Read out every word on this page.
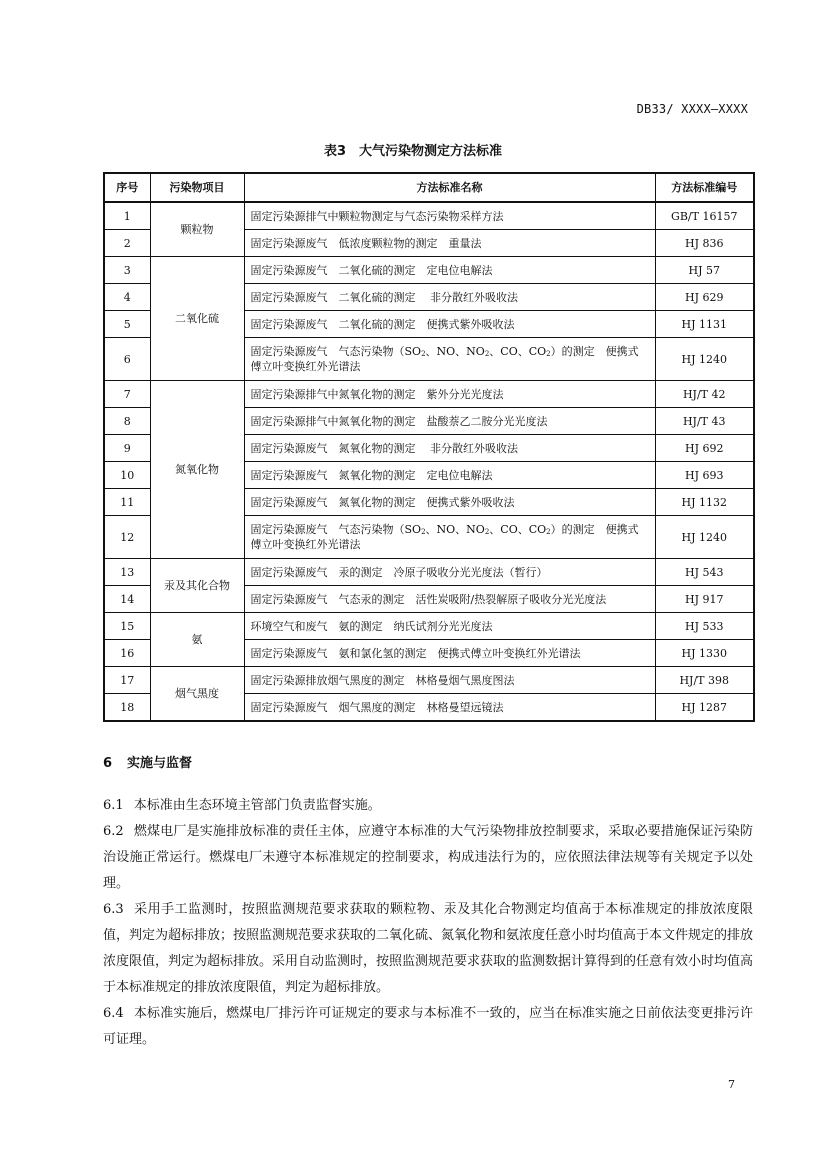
DB33/ XXXX—XXXX
表3　大气污染物测定方法标准
序号	污染物项目	方法标准名称	方法标准编号
1	颗粒物	固定污染源排气中颗粒物测定与气态污染物采样方法	GB/T 16157
2		固定污染源废气　低浓度颗粒物的测定　重量法	HJ 836
3	二氧化硫	固定污染源废气　二氧化硫的测定　定电位电解法	HJ 57
4		固定污染源废气　二氧化硫的测定　 非分散红外吸收法	HJ 629
5		固定污染源废气　二氧化硫的测定　便携式紫外吸收法	HJ 1131
6		固定污染源废气　气态污染物（$SO_2$、NO、$NO_2$、CO、$CO_2$）的测定　便携式傅立叶变换红外光谱法	HJ 1240
7	氮氧化物	固定污染源排气中氮氧化物的测定　紫外分光光度法	HJ/T 42
8		固定污染源排气中氮氧化物的测定　盐酸萘乙二胺分光光度法	HJ/T 43
9		固定污染源废气　氮氧化物的测定　 非分散红外吸收法	HJ 692
10		固定污染源废气　氮氧化物的测定　定电位电解法	HJ 693
11		固定污染源废气　氮氧化物的测定　便携式紫外吸收法	HJ 1132
12		固定污染源废气　气态污染物（$SO_2$、NO、$NO_2$、CO、$CO_2$）的测定　便携式傅立叶变换红外光谱法	HJ 1240
13	汞及其化合物	固定污染源废气　汞的测定　冷原子吸收分光光度法（暂行）	HJ 543
14		固定污染源废气　气态汞的测定　活性炭吸附/热裂解原子吸收分光光度法	HJ 917
15	氨	环境空气和废气　氨的测定　纳氏试剂分光光度法	HJ 533
16		固定污染源废气　氨和氯化氢的测定　便携式傅立叶变换红外光谱法	HJ 1330
17	烟气黑度	固定污染源排放烟气黑度的测定　林格曼烟气黑度图法	HJ/T 398
18		固定污染源废气　烟气黑度的测定　林格曼望远镜法	HJ 1287
6 实施与监督

6.1 本标准由生态环境主管部门负责监督实施。

6.2 燃煤电厂是实施排放标准的责任主体，应遵守本标准的大气污染物排放控制要求，采取必要措施保证污染防治设施正常运行。燃煤电厂未遵守本标准规定的控制要求，构成违法行为的，应依照法律法规等有关规定予以处理。

6.3 采用手工监测时，按照监测规范要求获取的颗粒物、汞及其化合物测定均值高于本标准规定的排放浓度限值，判定为超标排放；按照监测规范要求获取的二氧化硫、氮氧化物和氨浓度任意小时均值高于本文件规定的排放浓度限值，判定为超标排放。采用自动监测时，按照监测规范要求获取的监测数据计算得到的任意有效小时均值高于本标准规定的排放浓度限值，判定为超标排放。

6.4 本标准实施后，燃煤电厂排污许可证规定的要求与本标准不一致的，应当在标准实施之日前依法变更排污许可证理。

7
